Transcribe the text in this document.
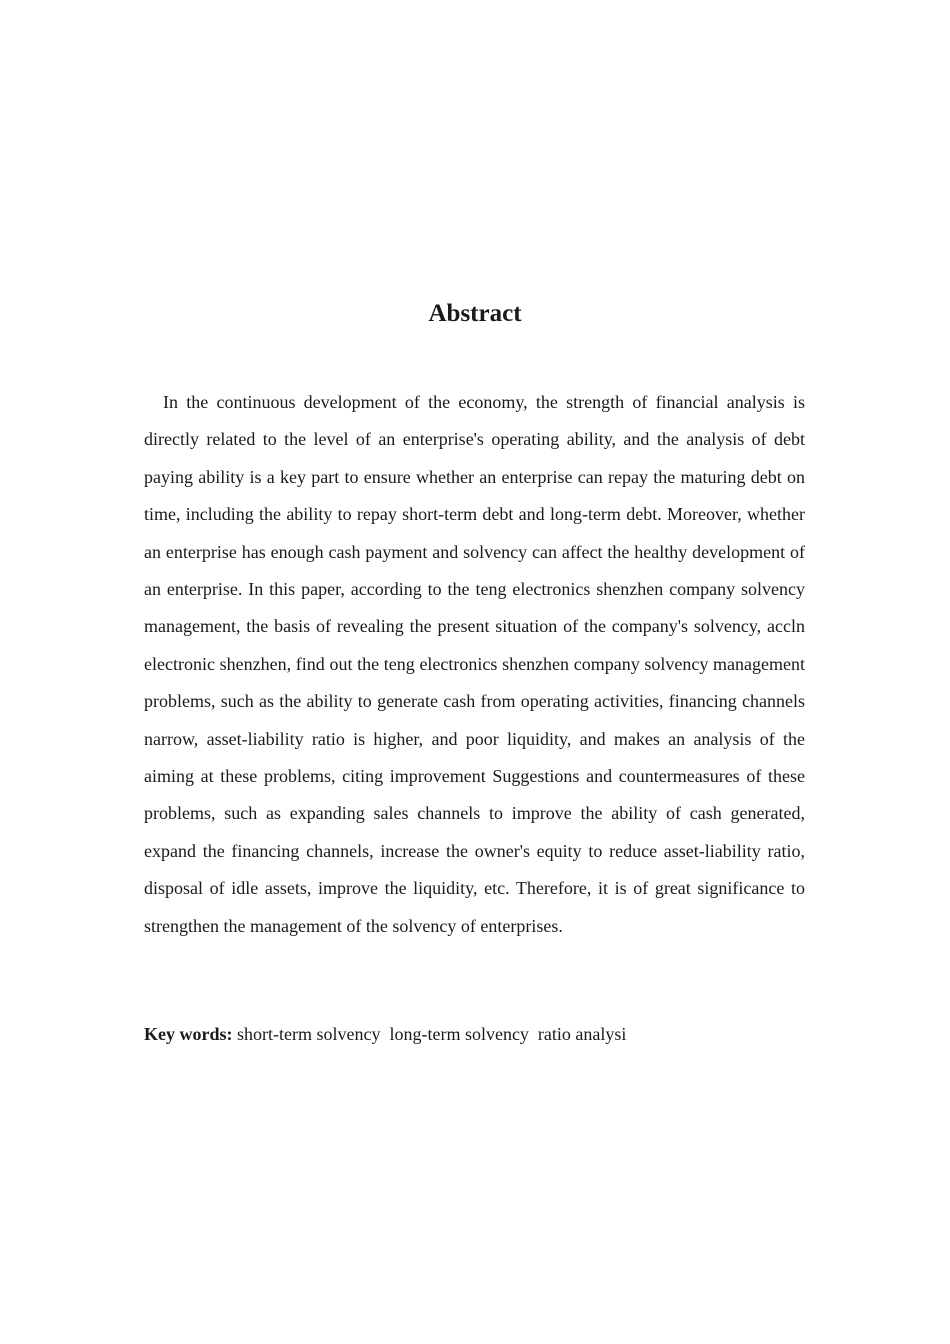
Abstract

In the continuous development of the economy, the strength of financial analysis is directly related to the level of an enterprise's operating ability, and the analysis of debt paying ability is a key part to ensure whether an enterprise can repay the maturing debt on time, including the ability to repay short-term debt and long-term debt. Moreover, whether an enterprise has enough cash payment and solvency can affect the healthy development of an enterprise. In this paper, according to the teng electronics shenzhen company solvency management, the basis of revealing the present situation of the company's solvency, accln electronic shenzhen, find out the teng electronics shenzhen company solvency management problems, such as the ability to generate cash from operating activities, financing channels narrow, asset-liability ratio is higher, and poor liquidity, and makes an analysis of the aiming at these problems, citing improvement Suggestions and countermeasures of these problems, such as expanding sales channels to improve the ability of cash generated, expand the financing channels, increase the owner's equity to reduce asset-liability ratio, disposal of idle assets, improve the liquidity, etc. Therefore, it is of great significance to strengthen the management of the solvency of enterprises.

Key words: short-term solvency  long-term solvency  ratio analysi
